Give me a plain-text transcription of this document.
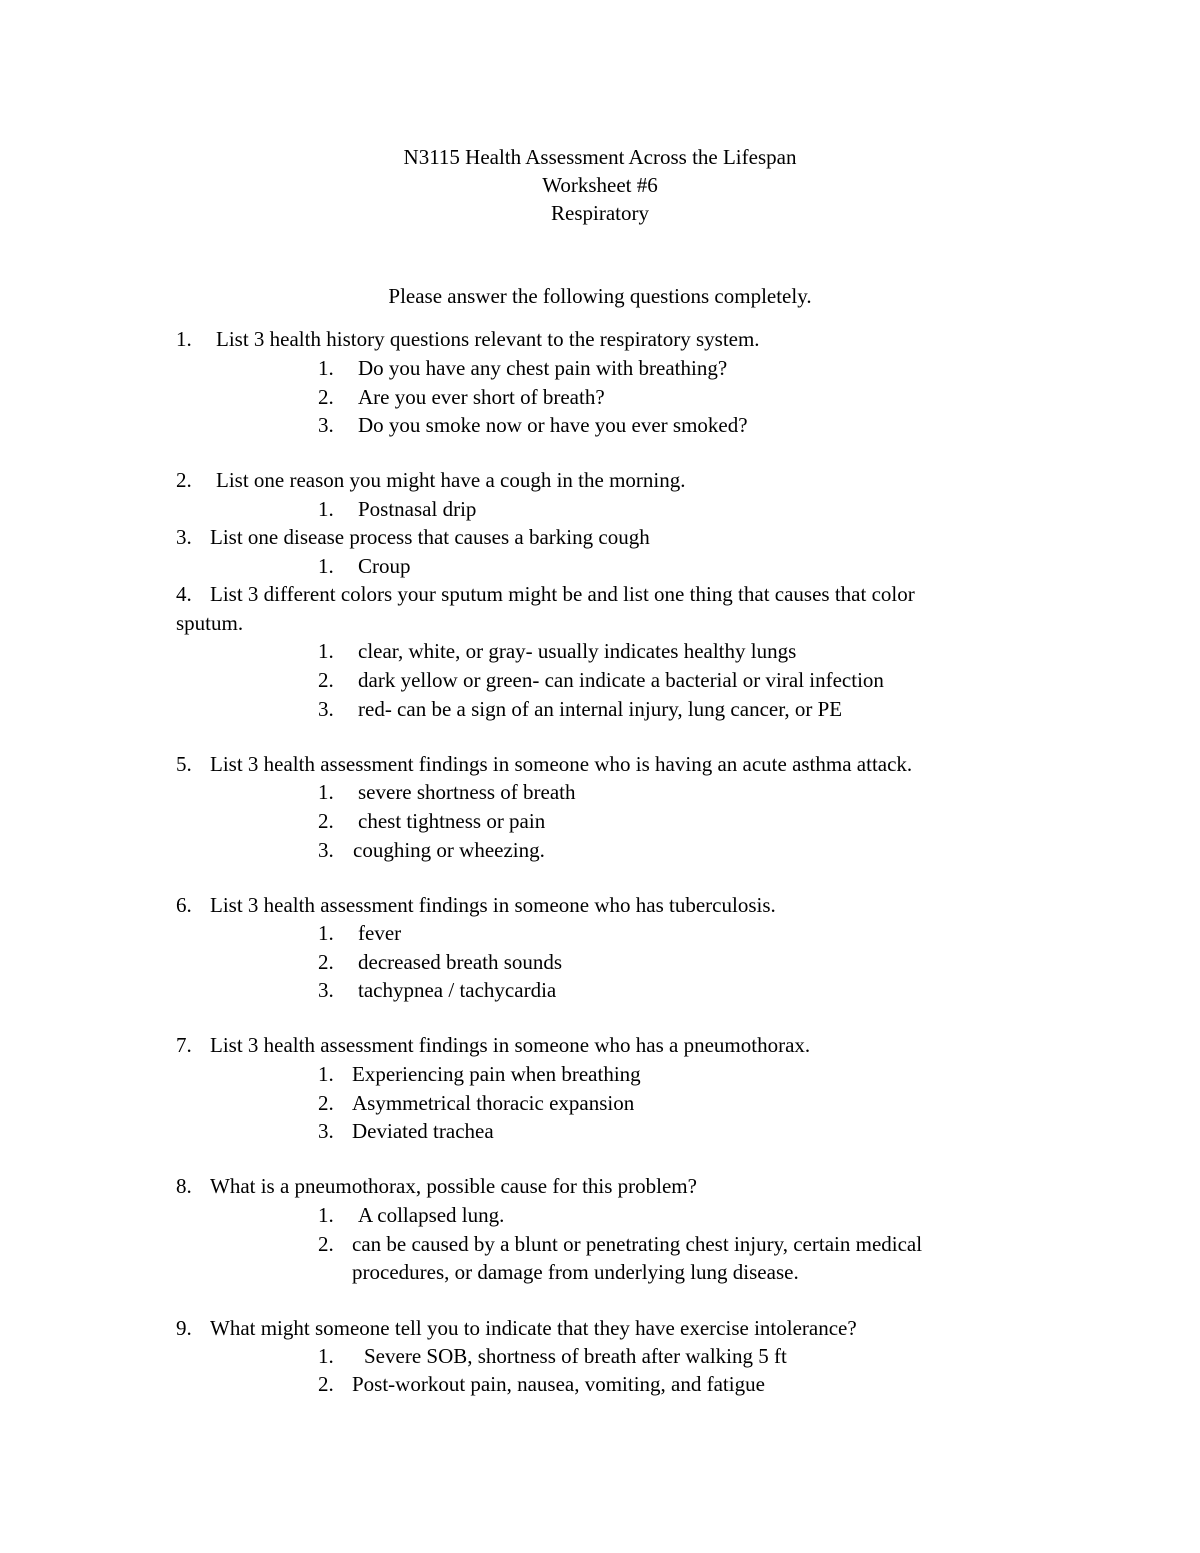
N3115 Health Assessment Across the Lifespan
Worksheet #6
Respiratory
Please answer the following questions completely.
1. List 3 health history questions relevant to the respiratory system.
1. Do you have any chest pain with breathing?
2. Are you ever short of breath?
3. Do you smoke now or have you ever smoked?
2. List one reason you might have a cough in the morning.
1. Postnasal drip
3. List one disease process that causes a barking cough
1. Croup
4. List 3 different colors your sputum might be and list one thing that causes that color
sputum.
1. clear, white, or gray- usually indicates healthy lungs
2. dark yellow or green- can indicate a bacterial or viral infection
3. red- can be a sign of an internal injury, lung cancer, or PE
5. List 3 health assessment findings in someone who is having an acute asthma attack.
1. severe shortness of breath
2. chest tightness or pain
3. coughing or wheezing.
6. List 3 health assessment findings in someone who has tuberculosis.
1. fever
2. decreased breath sounds
3. tachypnea / tachycardia
7. List 3 health assessment findings in someone who has a pneumothorax.
1. Experiencing pain when breathing
2. Asymmetrical thoracic expansion
3. Deviated trachea
8. What is a pneumothorax, possible cause for this problem?
1. A collapsed lung.
2. can be caused by a blunt or penetrating chest injury, certain medical
procedures, or damage from underlying lung disease.
9. What might someone tell you to indicate that they have exercise intolerance?
1. Severe SOB, shortness of breath after walking 5 ft
2. Post-workout pain, nausea, vomiting, and fatigue
